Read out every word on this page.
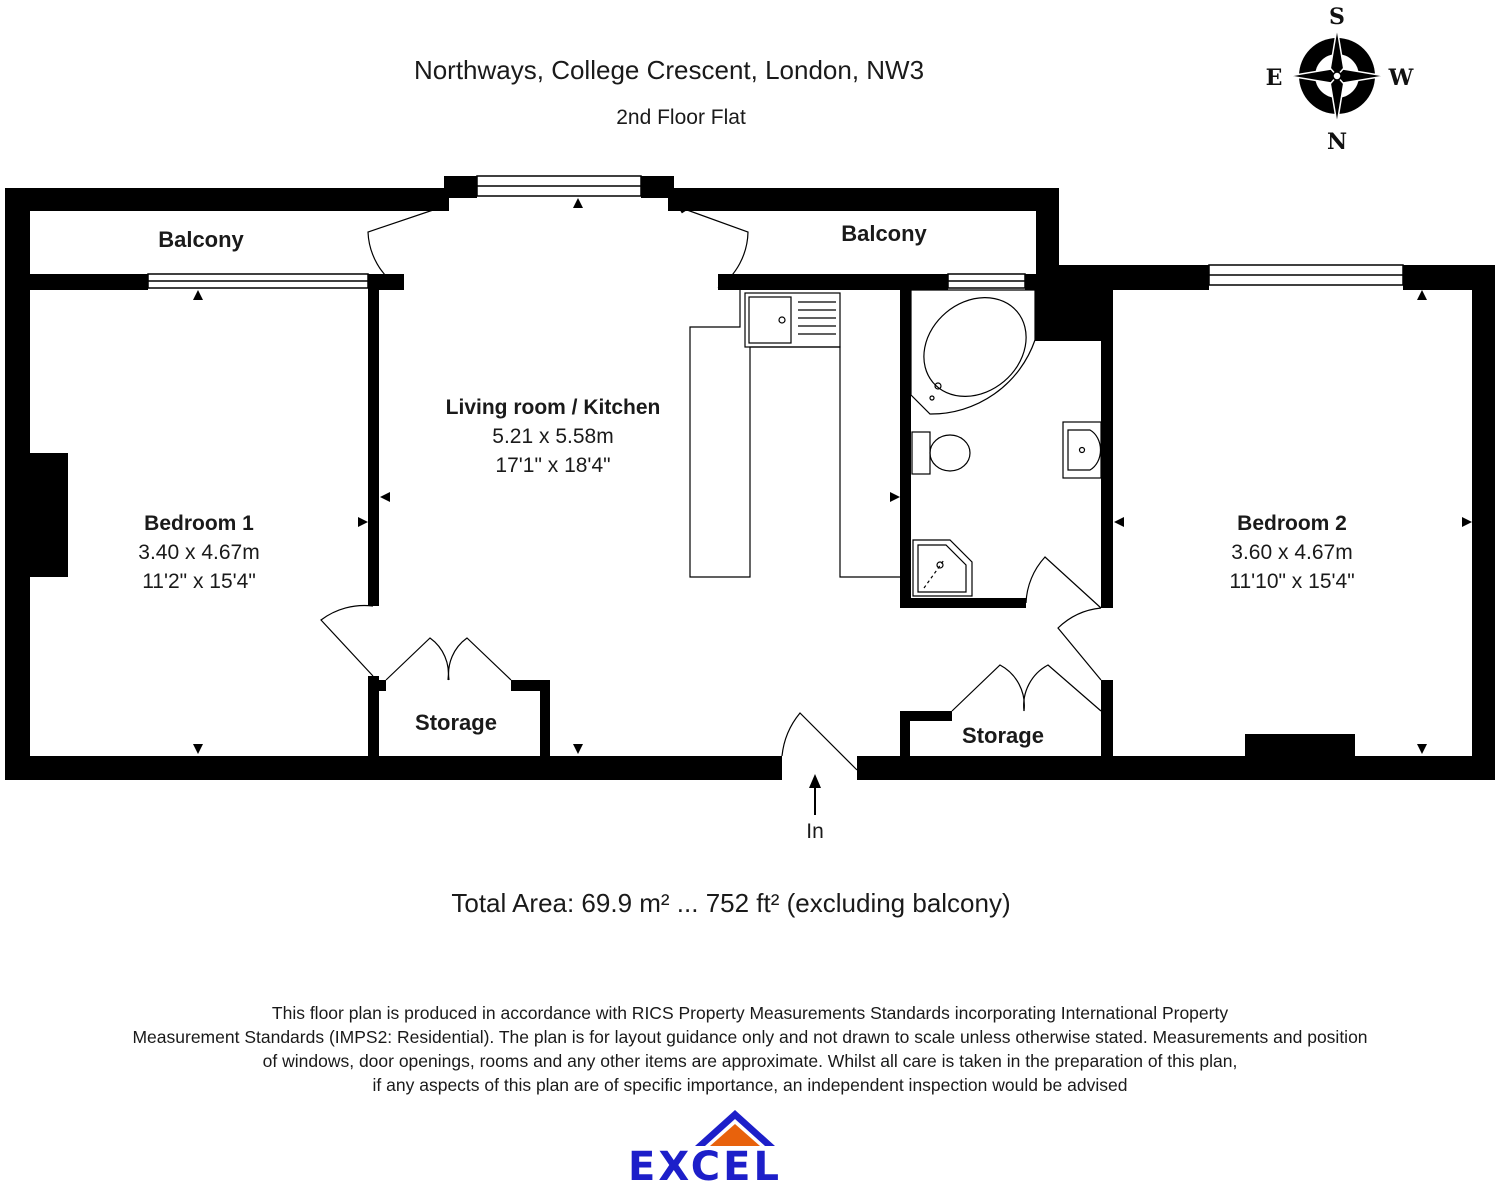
Northways, College Crescent, London, NW3
2nd Floor Flat
S
N
E	W
EXCEL
Balcony	Balcony
Living room / Kitchen
5.21 x 5.58m
17'1" x 18'4"
Bedroom 1
3.40 x 4.67m
11'2" x 15'4"
Bedroom 2
3.60 x 4.67m
11'10" x 15'4"
Storage
Storage
In
Total Area: 69.9 m² ... 752 ft² (excluding balcony)
This floor plan is produced in accordance with RICS Property Measurements Standards incorporating International Property
Measurement Standards (IMPS2: Residential). The plan is for layout guidance only and not drawn to scale unless otherwise stated. Measurements and position
of windows, door openings, rooms and any other items are approximate. Whilst all care is taken in the preparation of this plan,
if any aspects of this plan are of specific importance, an independent inspection would be advised
